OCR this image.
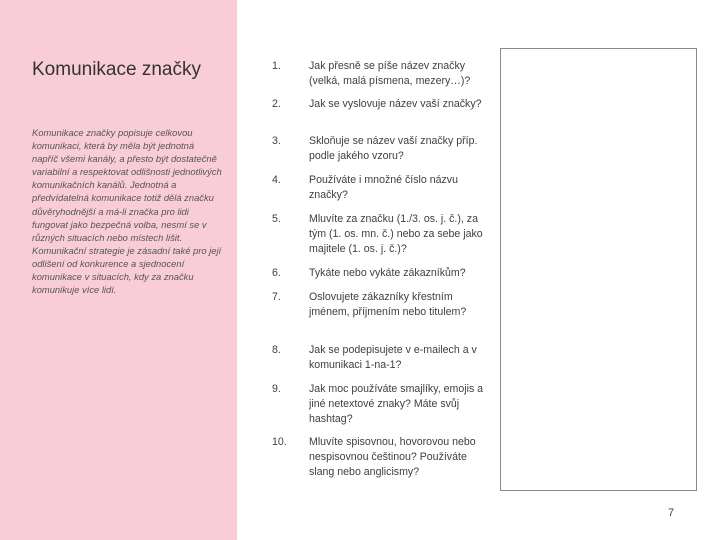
Komunikace značky
Komunikace značky popisuje celkovou komunikaci, která by měla být jednotná napříč všemi kanály, a přesto být dostatečně variabilní a respektovat odlišnosti jednotlivých komunikačních kanálů. Jednotná a předvídatelná komunikace totiž dělá značku důvěryhodnější a má-li značka pro lidi fungovat jako bezpečná volba, nesmí se v různých situacích nebo místech lišit. Komunikační strategie je zásadní také pro její odlišení od konkurence a sjednocení komunikace v situacích, kdy za značku komunikuje více lidí.
1.	Jak přesně se píše název značky (velká, malá písmena, mezery…)?
2.	Jak se vyslovuje název vaší značky?
3.	Skloňuje se název vaší značky příp. podle jakého vzoru?
4.	Používáte i množné číslo názvu značky?
5.	Mluvíte za značku (1./3. os. j. č.), za tým (1. os. mn. č.) nebo za sebe jako majitele (1. os. j. č.)?
6.	Tykáte nebo vykáte zákazníkům?
7.	Oslovujete zákazníky křestním jménem, příjmením nebo titulem?
8.	Jak se podepisujete v e-mailech a v komunikaci 1-na-1?
9.	Jak moc používáte smajlíky, emojis a jiné netextové znaky? Máte svůj hashtag?
10. Mluvíte spisovnou, hovorovou nebo nespisovnou češtinou? Používáte slang nebo anglicismy?
7
